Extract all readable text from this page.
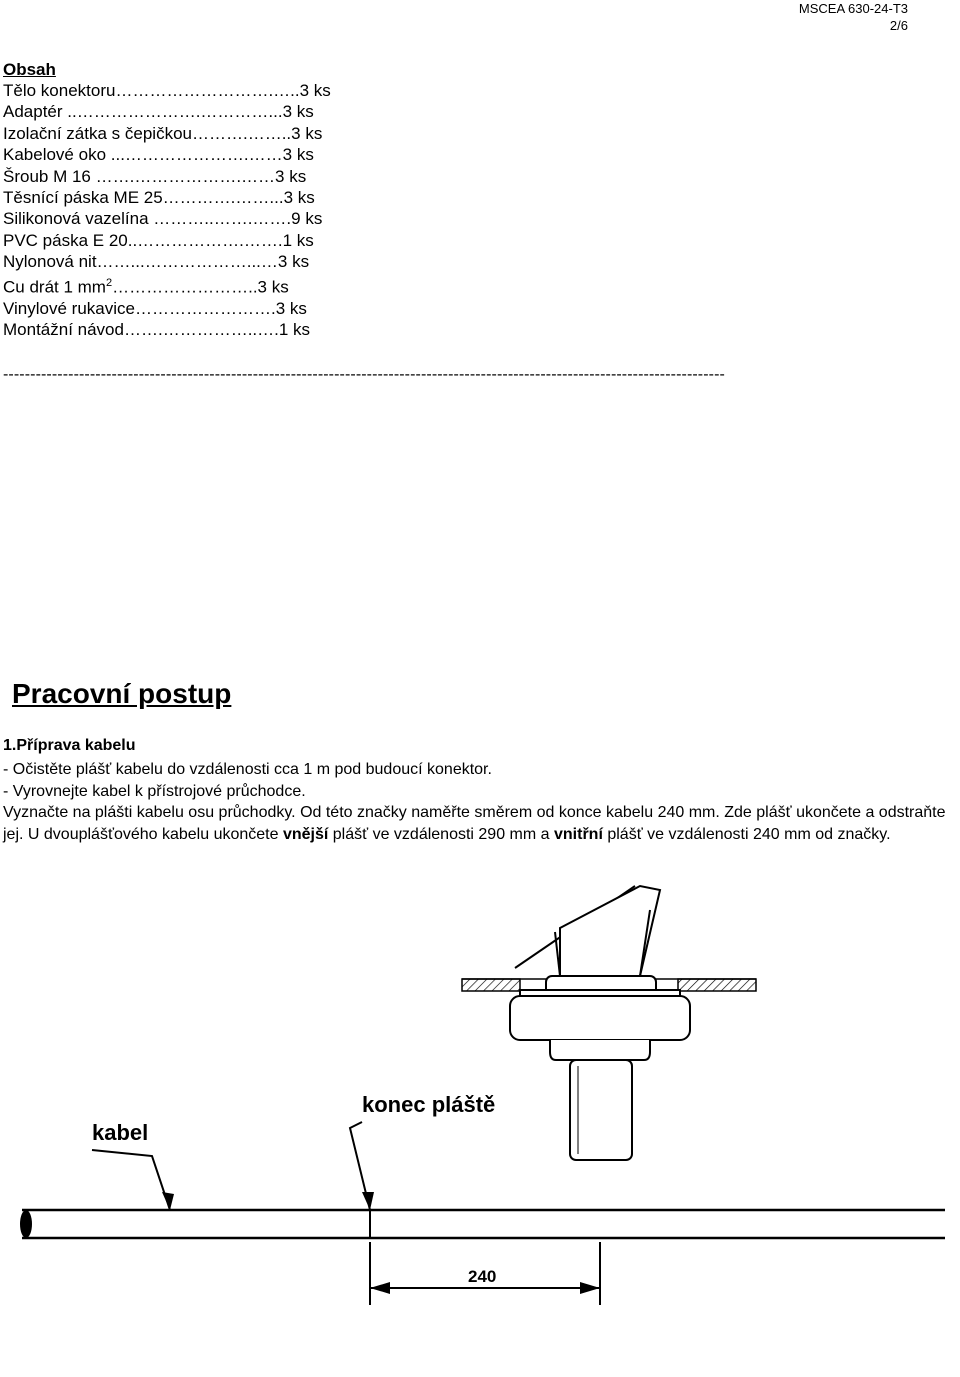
MSCEA 630-24-T3
2/6
Obsah
Tělo konektoru……………………….…..3 ks
Adaptér ..………………….…………...3 ks
Izolační zátka s čepičkou……….……..3 ks
Kabelové oko ...………………….……3 ks
Šroub M 16 …….……………….……3 ks
Těsnící páska ME 25………….……...3 ks
Silikonová vazelína ………..…….…….9 ks
PVC páska E 20..……………….…….1 ks
Nylonová nit……...………………...…3 ks
Cu drát 1 $mm^2\dots\dots\dots\dots\dots\dots\dots\dots..3$ ks
Vinylové rukavice…………………….3 ks
Montážní návod…….……………..….1 ks
-------------------------------------------------------------------------------------------------------------------------------------
Pracovní postup
1.Příprava kabelu
- Očistěte plášť kabelu do vzdálenosti cca 1 m pod budoucí konektor.
- Vyrovnejte kabel k přístrojové průchodce.
Vyznačte na plášti kabelu osu průchodky. Od této značky naměřte směrem od konce kabelu 240 mm. Zde plášť ukončete a odstraňte jej. U dvouplášťového kabelu ukončete vnější plášť ve vzdálenosti 290 mm a vnitřní plášť ve vzdálenosti 240 mm od značky.
kabel
konec pláště
240
